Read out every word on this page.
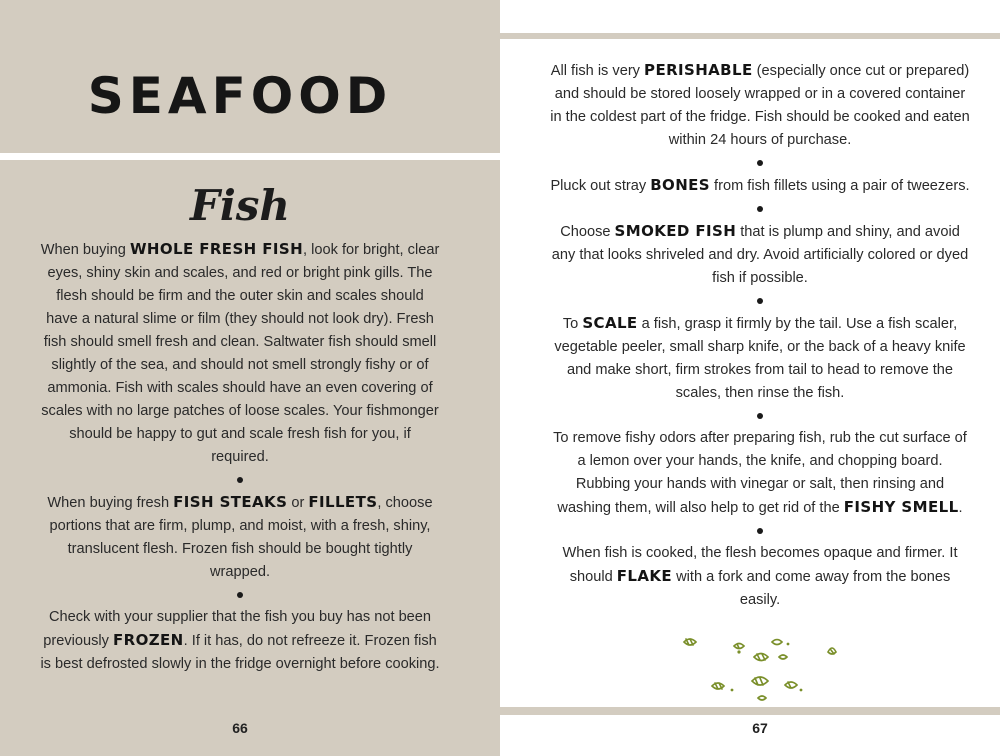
SEAFOOD
Fish

When buying WHOLE FRESH FISH, look for bright, clear eyes, shiny skin and scales, and red or bright pink gills. The flesh should be firm and the outer skin and scales should have a natural slime or film (they should not look dry). Fresh fish should smell fresh and clean. Saltwater fish should smell slightly of the sea, and should not smell strongly fishy or of ammonia. Fish with scales should have an even covering of scales with no large patches of loose scales. Your fishmonger should be happy to gut and scale fresh fish for you, if required.

When buying fresh FISH STEAKS or FILLETS, choose portions that are firm, plump, and moist, with a fresh, shiny, translucent flesh. Frozen fish should be bought tightly wrapped.

Check with your supplier that the fish you buy has not been previously FROZEN. If it has, do not refreeze it. Frozen fish is best defrosted slowly in the fridge overnight before cooking.

66

All fish is very PERISHABLE (especially once cut or prepared) and should be stored loosely wrapped or in a covered container in the coldest part of the fridge. Fish should be cooked and eaten within 24 hours of purchase.

Pluck out stray BONES from fish fillets using a pair of tweezers.

Choose SMOKED FISH that is plump and shiny, and avoid any that looks shriveled and dry. Avoid artificially colored or dyed fish if possible.

To SCALE a fish, grasp it firmly by the tail. Use a fish scaler, vegetable peeler, small sharp knife, or the back of a heavy knife and make short, firm strokes from tail to head to remove the scales, then rinse the fish.

To remove fishy odors after preparing fish, rub the cut surface of a lemon over your hands, the knife, and chopping board. Rubbing your hands with vinegar or salt, then rinsing and washing them, will also help to get rid of the FISHY SMELL.

When fish is cooked, the flesh becomes opaque and firmer. It should FLAKE with a fork and come away from the bones easily.

67
